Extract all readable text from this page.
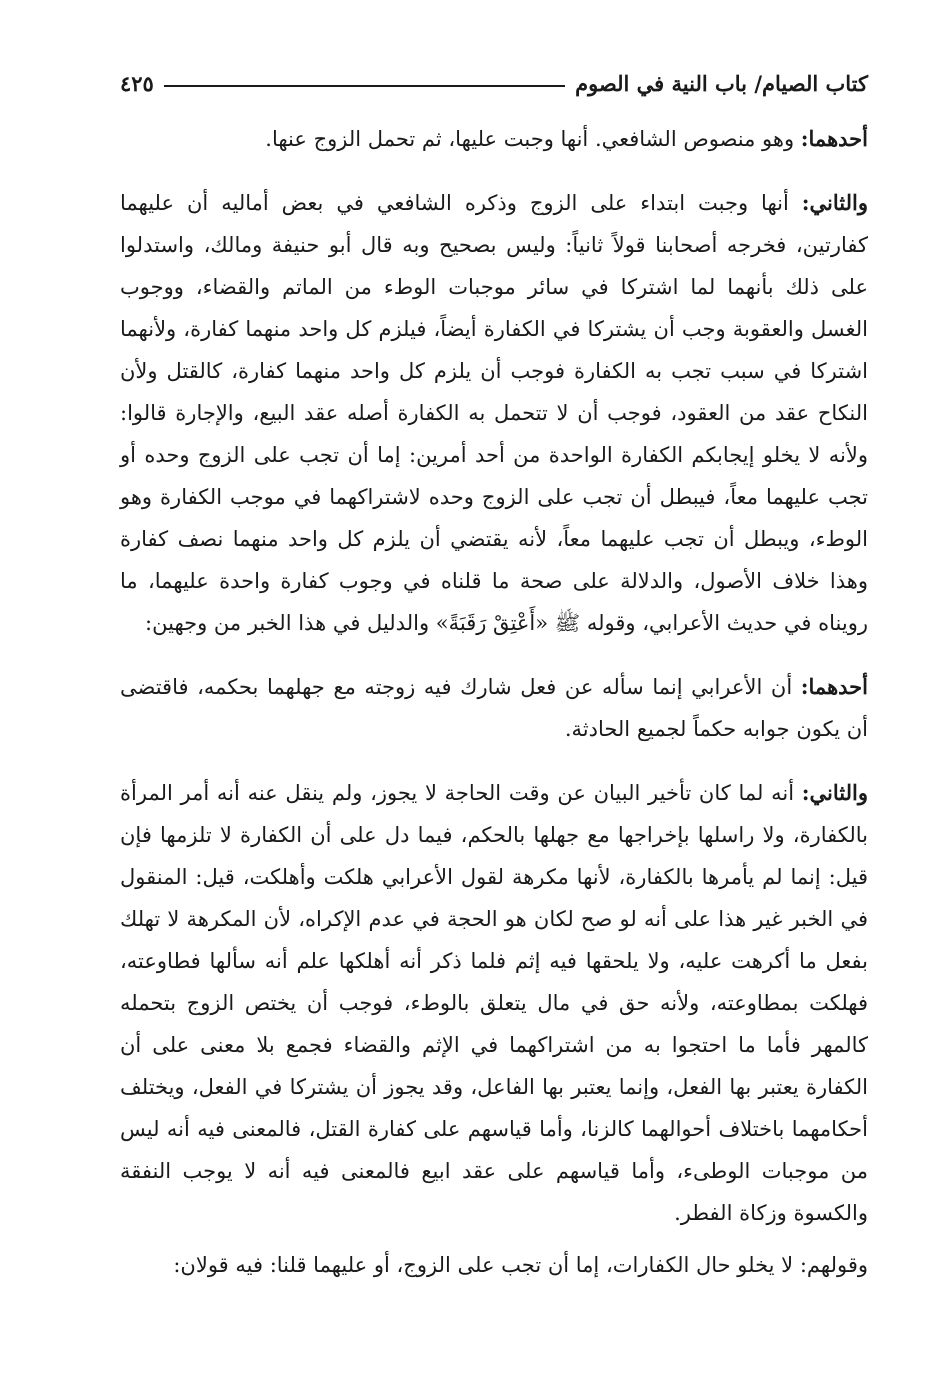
كتاب الصيام/ باب النية في الصوم
٤٢٥

أحدهما: وهو منصوص الشافعي. أنها وجبت عليها، ثم تحمل الزوج عنها.

والثاني: أنها وجبت ابتداء على الزوج وذكره الشافعي في بعض أماليه أن عليهما كفارتين، فخرجه أصحابنا قولاً ثانياً: وليس بصحيح وبه قال أبو حنيفة ومالك، واستدلوا على ذلك بأنهما لما اشتركا في سائر موجبات الوطء من الماتم والقضاء، ووجوب الغسل والعقوبة وجب أن يشتركا في الكفارة أيضاً، فيلزم كل واحد منهما كفارة، ولأنهما اشتركا في سبب تجب به الكفارة فوجب أن يلزم كل واحد منهما كفارة، كالقتل ولأن النكاح عقد من العقود، فوجب أن لا تتحمل به الكفارة أصله عقد البيع، والإجارة قالوا: ولأنه لا يخلو إيجابكم الكفارة الواحدة من أحد أمرين: إما أن تجب على الزوج وحده أو تجب عليهما معاً، فيبطل أن تجب على الزوج وحده لاشتراكهما في موجب الكفارة وهو الوطء، ويبطل أن تجب عليهما معاً، لأنه يقتضي أن يلزم كل واحد منهما نصف كفارة وهذا خلاف الأصول، والدلالة على صحة ما قلناه في وجوب كفارة واحدة عليهما، ما رويناه في حديث الأعرابي، وقوله ﷺ «أَعْتِقْ رَقَبَةً» والدليل في هذا الخبر من وجهين:

أحدهما: أن الأعرابي إنما سأله عن فعل شارك فيه زوجته مع جهلهما بحكمه، فاقتضى أن يكون جوابه حكماً لجميع الحادثة.

والثاني: أنه لما كان تأخير البيان عن وقت الحاجة لا يجوز، ولم ينقل عنه أنه أمر المرأة بالكفارة، ولا راسلها بإخراجها مع جهلها بالحكم، فيما دل على أن الكفارة لا تلزمها فإن قيل: إنما لم يأمرها بالكفارة، لأنها مكرهة لقول الأعرابي هلكت وأهلكت، قيل: المنقول في الخبر غير هذا على أنه لو صح لكان هو الحجة في عدم الإكراه، لأن المكرهة لا تهلك بفعل ما أكرهت عليه، ولا يلحقها فيه إثم فلما ذكر أنه أهلكها علم أنه سألها فطاوعته، فهلكت بمطاوعته، ولأنه حق في مال يتعلق بالوطء، فوجب أن يختص الزوج بتحمله كالمهر فأما ما احتجوا به من اشتراكهما في الإثم والقضاء فجمع بلا معنى على أن الكفارة يعتبر بها الفعل، وإنما يعتبر بها الفاعل، وقد يجوز أن يشتركا في الفعل، ويختلف أحكامهما باختلاف أحوالهما كالزنا، وأما قياسهم على كفارة القتل، فالمعنى فيه أنه ليس من موجبات الوطىء، وأما قياسهم على عقد ابيع فالمعنى فيه أنه لا يوجب النفقة والكسوة وزكاة الفطر.

وقولهم: لا يخلو حال الكفارات، إما أن تجب على الزوج، أو عليهما قلنا: فيه قولان:
